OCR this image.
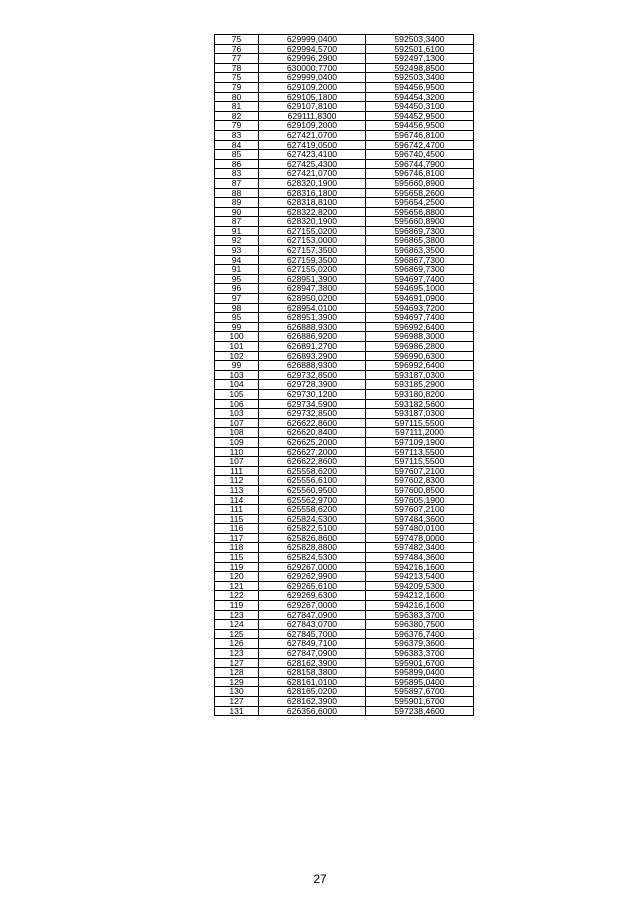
75	629999,0400	592503,3400
76	629994,5700	592501,6100
77	629996,2900	592497,1300
78	630000,7700	592498,8500
75	629999,0400	592503,3400
79	629109,2000	594456,9500
80	629105,1800	594454,3200
81	629107,8100	594450,3100
82	629111,8300	594452,9500
79	629109,2000	594456,9500
83	627421,0700	596746,8100
84	627419,0500	596742,4700
85	627423,4100	596740,4500
86	627425,4300	596744,7900
83	627421,0700	596746,8100
87	628320,1900	595660,8900
88	628316,1800	595658,2600
89	628318,8100	595654,2500
90	628322,8200	595656,8800
87	628320,1900	595660,8900
91	627155,0200	596869,7300
92	627153,0000	596865,3800
93	627157,3500	596863,3500
94	627159,3500	596867,7300
91	627155,0200	596869,7300
95	628951,3900	594697,7400
96	628947,3800	594695,1000
97	628950,0200	594691,0900
98	628954,0100	594693,7200
95	628951,3900	594697,7400
99	626888,9300	596992,6400
100	626886,9200	596988,3000
101	626891,2700	596986,2800
102	626893,2900	596990,6300
99	626888,9300	596992,6400
103	629732,8500	593187,0300
104	629728,3900	593185,2900
105	629730,1200	593180,8200
106	629734,5900	593182,5600
103	629732,8500	593187,0300
107	626622,8600	597115,5500
108	626620,8400	597111,2000
109	626625,2000	597109,1900
110	626627,2000	597113,5500
107	626622,8600	597115,5500
111	625558,6200	597607,2100
112	625556,6100	597602,8300
113	625560,9500	597600,8500
114	625562,9700	597605,1900
111	625558,6200	597607,2100
115	625824,5300	597484,3600
116	625822,5100	597480,0100
117	625826,8600	597478,0000
118	625828,8800	597482,3400
115	625824,5300	597484,3600
119	629267,0000	594216,1600
120	629262,9900	594213,5400
121	629265,6100	594209,5300
122	629269,6300	594212,1600
119	629267,0000	594216,1600
123	627847,0900	596383,3700
124	627843,0700	596380,7500
125	627845,7000	596376,7400
126	627849,7100	596379,3600
123	627847,0900	596383,3700
127	628162,3900	595901,6700
128	628158,3800	595899,0400
129	628161,0100	595895,0400
130	628165,0200	595897,6700
127	628162,3900	595901,6700
131	626356,6000	597238,4600
27
